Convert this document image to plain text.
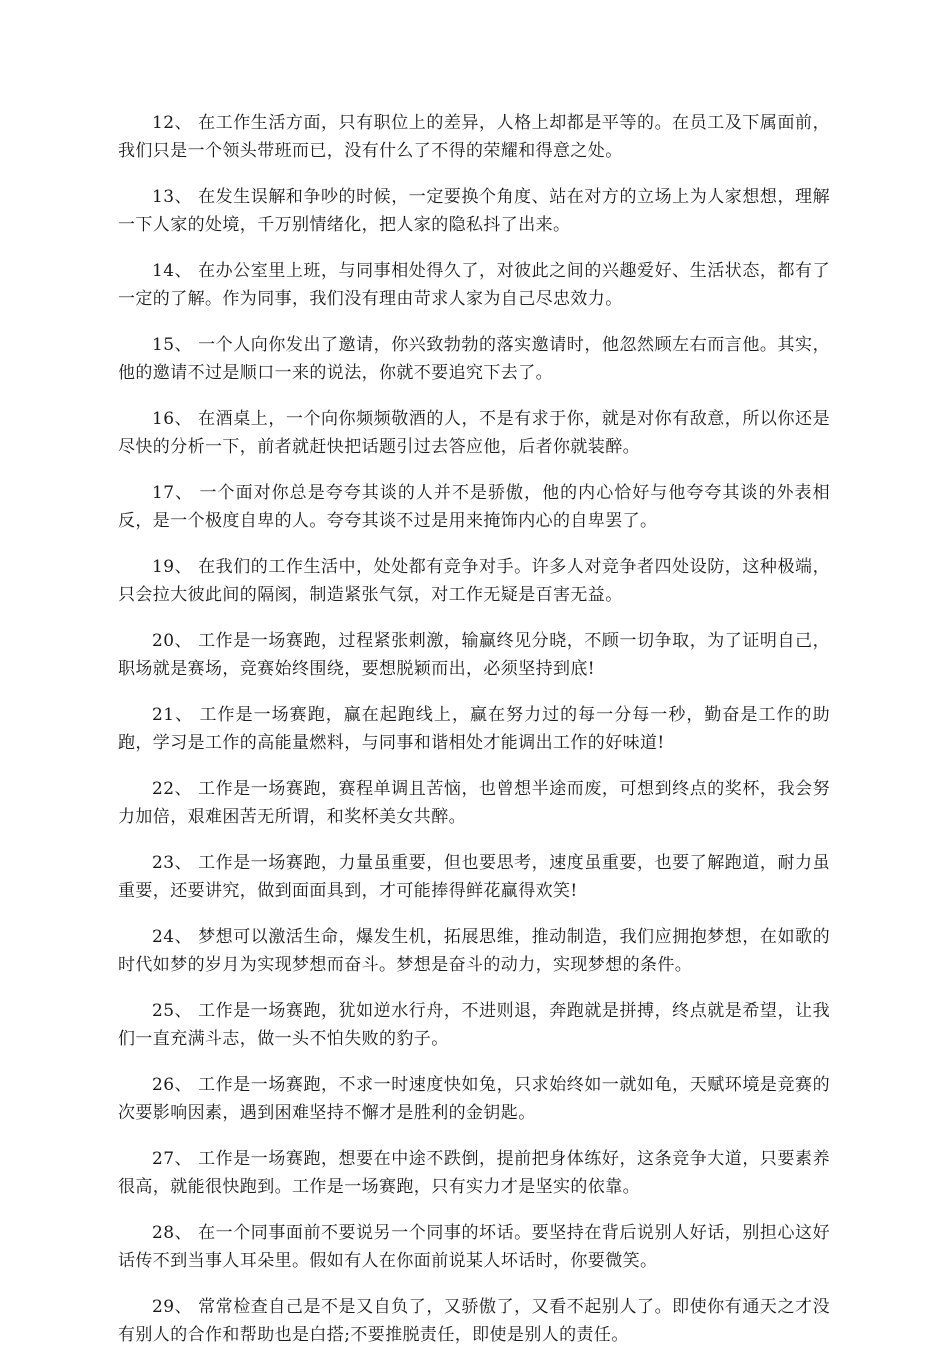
12、 在工作生活方面，只有职位上的差异，人格上却都是平等的。在员工及下属面前，我们只是一个领头带班而已，没有什么了不得的荣耀和得意之处。

13、 在发生误解和争吵的时候，一定要换个角度、站在对方的立场上为人家想想，理解一下人家的处境，千万别情绪化，把人家的隐私抖了出来。

14、 在办公室里上班，与同事相处得久了，对彼此之间的兴趣爱好、生活状态，都有了一定的了解。作为同事，我们没有理由苛求人家为自己尽忠效力。

15、 一个人向你发出了邀请，你兴致勃勃的落实邀请时，他忽然顾左右而言他。其实，他的邀请不过是顺口一来的说法，你就不要追究下去了。

16、 在酒桌上，一个向你频频敬酒的人，不是有求于你，就是对你有敌意，所以你还是尽快的分析一下，前者就赶快把话题引过去答应他，后者你就装醉。

17、 一个面对你总是夸夸其谈的人并不是骄傲，他的内心恰好与他夸夸其谈的外表相反，是一个极度自卑的人。夸夸其谈不过是用来掩饰内心的自卑罢了。

19、 在我们的工作生活中，处处都有竞争对手。许多人对竞争者四处设防，这种极端，只会拉大彼此间的隔阂，制造紧张气氛，对工作无疑是百害无益。

20、 工作是一场赛跑，过程紧张刺激，输赢终见分晓，不顾一切争取，为了证明自己，职场就是赛场，竞赛始终围绕，要想脱颖而出，必须坚持到底!

21、 工作是一场赛跑，赢在起跑线上，赢在努力过的每一分每一秒，勤奋是工作的助跑，学习是工作的高能量燃料，与同事和谐相处才能调出工作的好味道!

22、 工作是一场赛跑，赛程单调且苦恼，也曾想半途而废，可想到终点的奖杯，我会努力加倍，艰难困苦无所谓，和奖杯美女共醉。

23、 工作是一场赛跑，力量虽重要，但也要思考，速度虽重要，也要了解跑道，耐力虽重要，还要讲究，做到面面具到，才可能捧得鲜花赢得欢笑!

24、 梦想可以激活生命，爆发生机，拓展思维，推动制造，我们应拥抱梦想，在如歌的时代如梦的岁月为实现梦想而奋斗。梦想是奋斗的动力，实现梦想的条件。

25、 工作是一场赛跑，犹如逆水行舟，不进则退，奔跑就是拼搏，终点就是希望，让我们一直充满斗志，做一头不怕失败的豹子。

26、 工作是一场赛跑，不求一时速度快如兔，只求始终如一就如龟，天赋环境是竞赛的次要影响因素，遇到困难坚持不懈才是胜利的金钥匙。

27、 工作是一场赛跑，想要在中途不跌倒，提前把身体练好，这条竞争大道，只要素养很高，就能很快跑到。工作是一场赛跑，只有实力才是坚实的依靠。

28、 在一个同事面前不要说另一个同事的坏话。要坚持在背后说别人好话，别担心这好话传不到当事人耳朵里。假如有人在你面前说某人坏话时，你要微笑。

29、 常常检查自己是不是又自负了，又骄傲了，又看不起别人了。即使你有通天之才没有别人的合作和帮助也是白搭;不要推脱责任，即使是别人的责任。
